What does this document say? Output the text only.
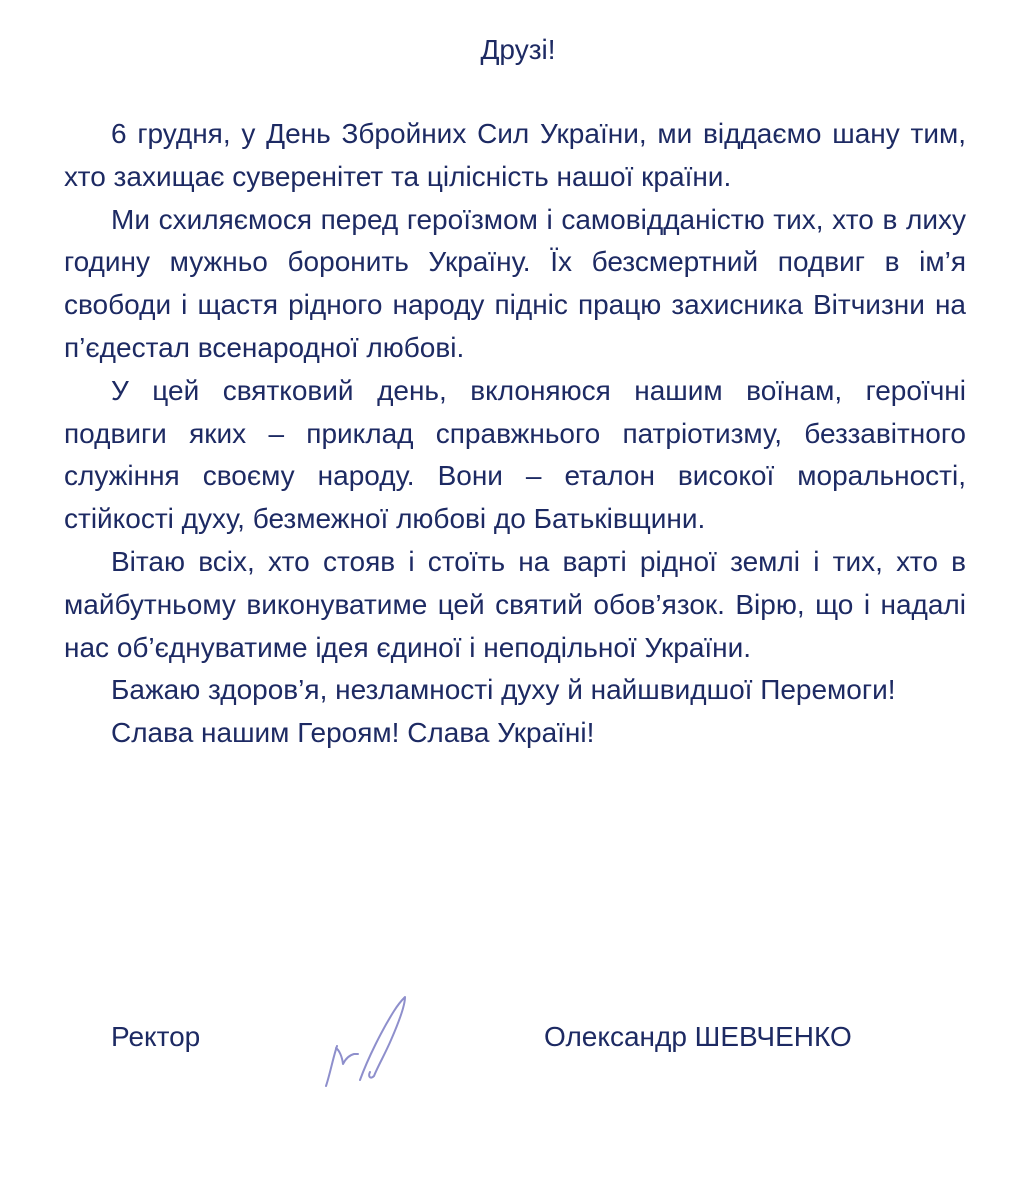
Друзі!

6 грудня, у День Збройних Сил України, ми віддаємо шану тим, хто захищає суверенітет та цілісність нашої країни.

Ми схиляємося перед героїзмом і самовідданістю тих, хто в лиху годину мужньо боронить Україну. Їх безсмертний подвиг в ім’я свободи і щастя рідного народу підніс працю захисника Вітчизни на п’єдестал всенародної любові.

У цей святковий день, вклоняюся нашим воїнам, героїчні подвиги яких – приклад справжнього патріотизму, беззавітного служіння своєму народу. Вони – еталон високої моральності, стійкості духу, безмежної любові до Батьківщини.

Вітаю всіх, хто стояв і стоїть на варті рідної землі і тих, хто в майбутньому виконуватиме цей святий обов’язок. Вірю, що і надалі нас об’єднуватиме ідея єдиної і неподільної України.

Бажаю здоров’я, незламності духу й найшвидшої Перемоги!

Слава нашим Героям! Слава Україні!

Ректор	Олександр ШЕВЧЕНКО
